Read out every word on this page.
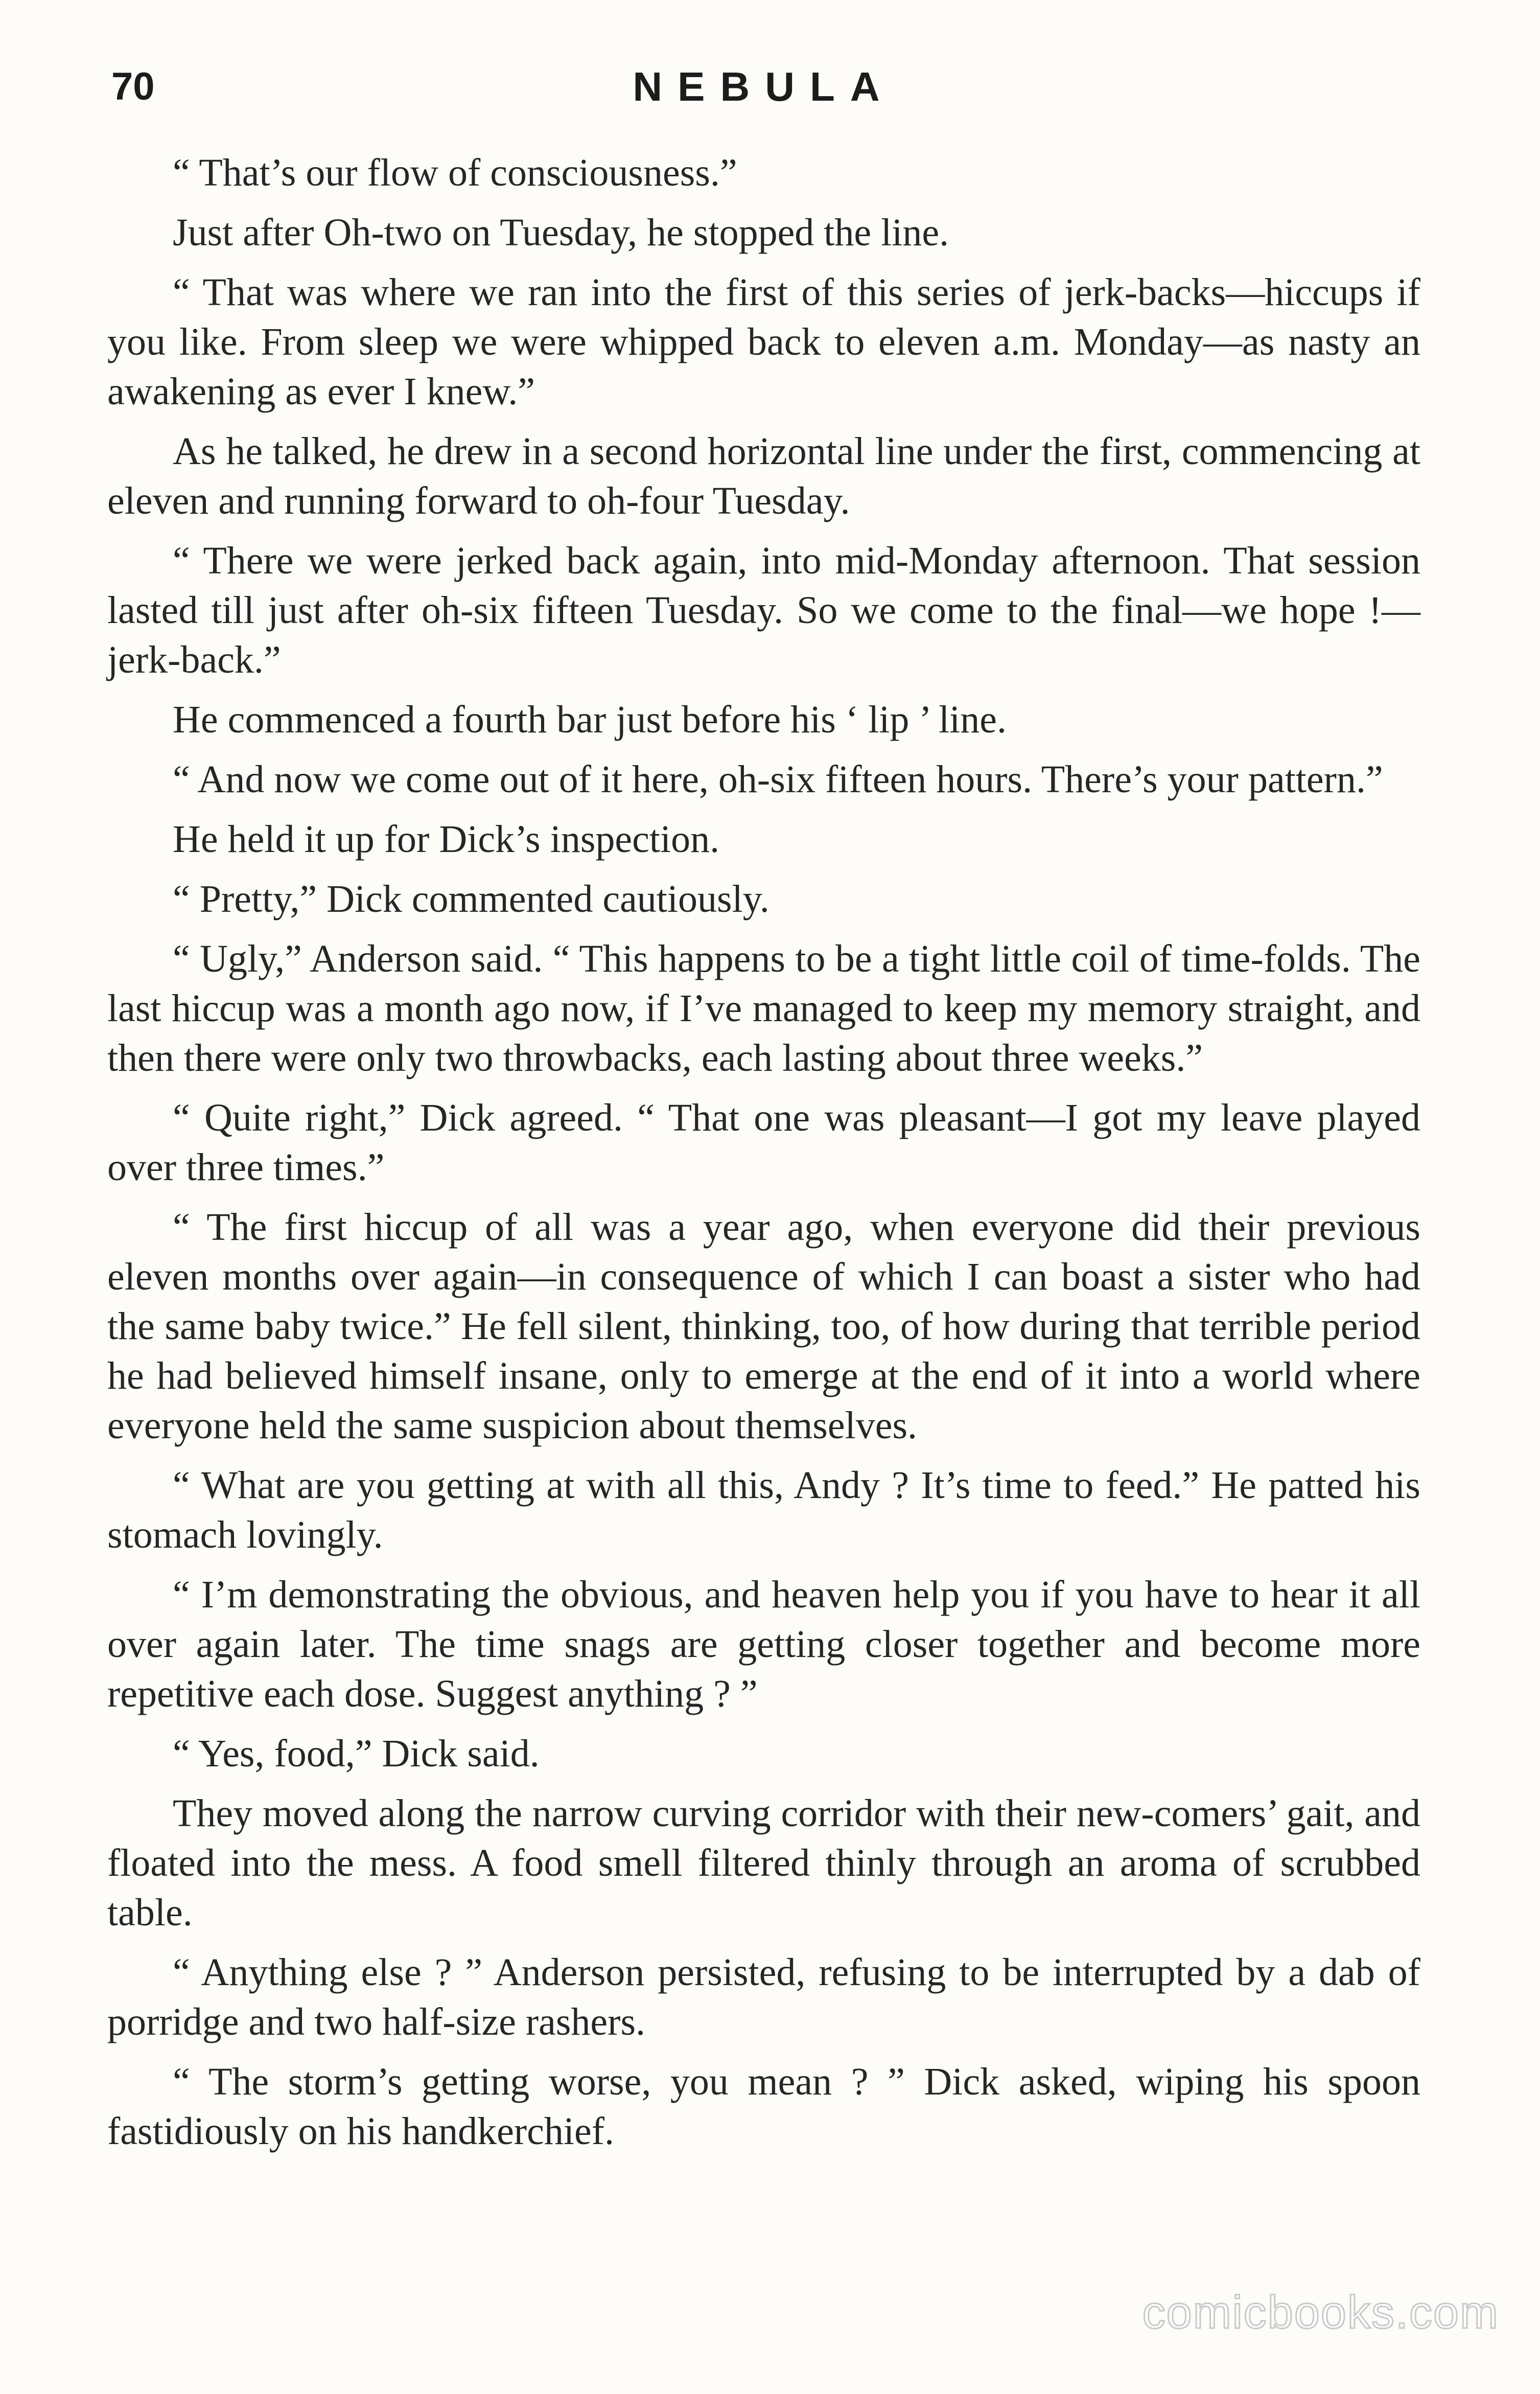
70	NEBULA

“ That’s our flow of consciousness.”

Just after Oh-two on Tuesday, he stopped the line.

“ That was where we ran into the first of this series of jerk-backs—hiccups if you like. From sleep we were whipped back to eleven a.m. Monday—as nasty an awakening as ever I knew.”

As he talked, he drew in a second horizontal line under the first, commencing at eleven and running forward to oh-four Tuesday.

“ There we were jerked back again, into mid-Monday afternoon. That session lasted till just after oh-six fifteen Tuesday. So we come to the final—we hope !—jerk-back.”

He commenced a fourth bar just before his ‘ lip ’ line.

“ And now we come out of it here, oh-six fifteen hours. There’s your pattern.”

He held it up for Dick’s inspection.

“ Pretty,” Dick commented cautiously.

“ Ugly,” Anderson said. “ This happens to be a tight little coil of time-folds. The last hiccup was a month ago now, if I’ve managed to keep my memory straight, and then there were only two throwbacks, each lasting about three weeks.”

“ Quite right,” Dick agreed. “ That one was pleasant—I got my leave played over three times.”

“ The first hiccup of all was a year ago, when everyone did their previous eleven months over again—in consequence of which I can boast a sister who had the same baby twice.” He fell silent, thinking, too, of how during that terrible period he had believed himself insane, only to emerge at the end of it into a world where everyone held the same suspicion about themselves.

“ What are you getting at with all this, Andy ? It’s time to feed.” He patted his stomach lovingly.

“ I’m demonstrating the obvious, and heaven help you if you have to hear it all over again later. The time snags are getting closer together and become more repetitive each dose. Suggest anything ? ”

“ Yes, food,” Dick said.

They moved along the narrow curving corridor with their new-comers’ gait, and floated into the mess. A food smell filtered thinly through an aroma of scrubbed table.

“ Anything else ? ” Anderson persisted, refusing to be interrupted by a dab of porridge and two half-size rashers.

“ The storm’s getting worse, you mean ? ” Dick asked, wiping his spoon fastidiously on his handkerchief.

comicbooks.com
